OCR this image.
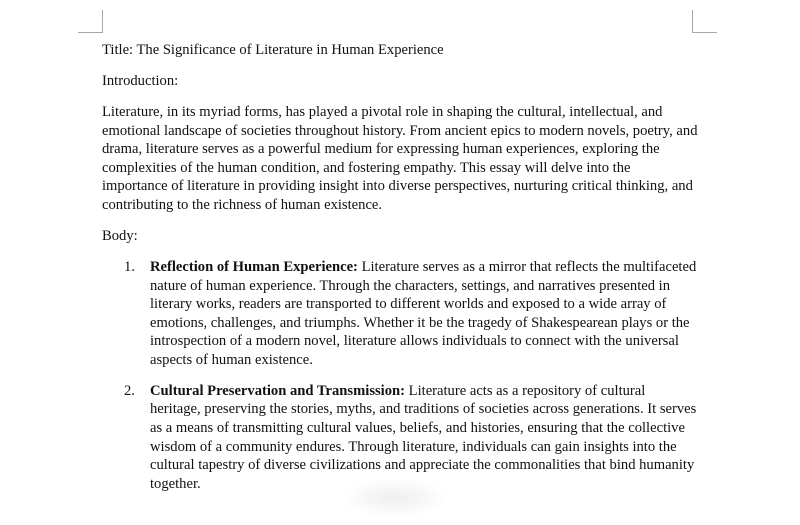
Title: The Significance of Literature in Human Experience

Introduction:

Literature, in its myriad forms, has played a pivotal role in shaping the cultural, intellectual, and emotional landscape of societies throughout history. From ancient epics to modern novels, poetry, and drama, literature serves as a powerful medium for expressing human experiences, exploring the complexities of the human condition, and fostering empathy. This essay will delve into the importance of literature in providing insight into diverse perspectives, nurturing critical thinking, and contributing to the richness of human existence.

Body:

1. Reflection of Human Experience: Literature serves as a mirror that reflects the multifaceted nature of human experience. Through the characters, settings, and narratives presented in literary works, readers are transported to different worlds and exposed to a wide array of emotions, challenges, and triumphs. Whether it be the tragedy of Shakespearean plays or the introspection of a modern novel, literature allows individuals to connect with the universal aspects of human existence.
2. Cultural Preservation and Transmission: Literature acts as a repository of cultural heritage, preserving the stories, myths, and traditions of societies across generations. It serves as a means of transmitting cultural values, beliefs, and histories, ensuring that the collective wisdom of a community endures. Through literature, individuals can gain insights into the cultural tapestry of diverse civilizations and appreciate the commonalities that bind humanity together.
